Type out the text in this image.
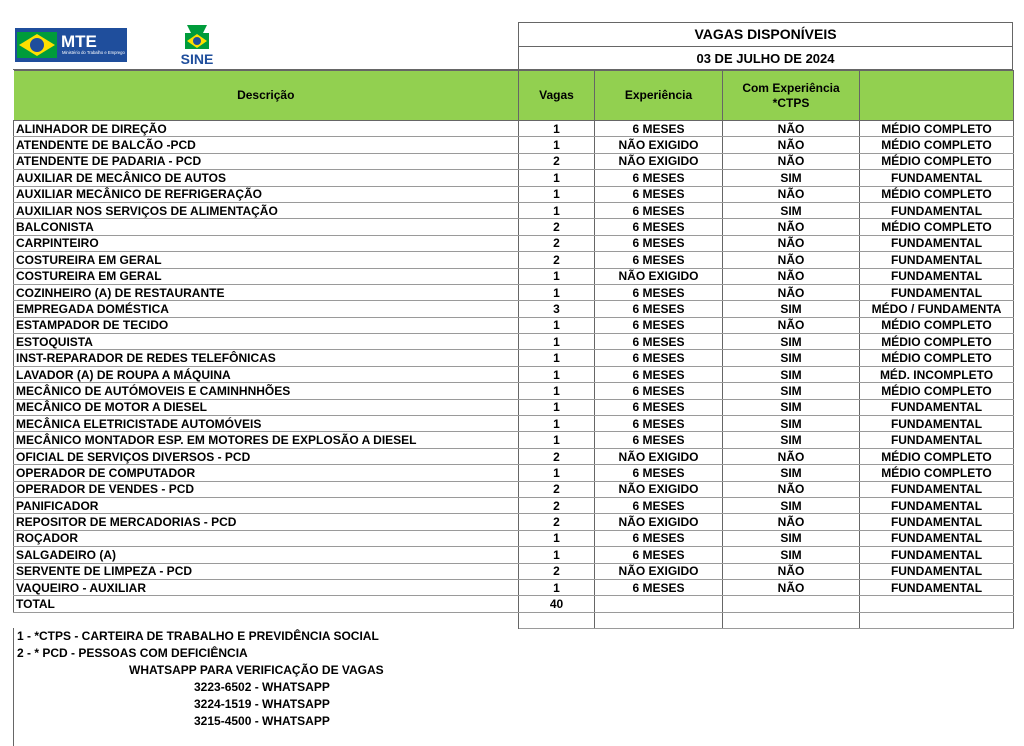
MTE
Ministério do Trabalho e Emprego	SINE
VAGAS DISPONÍVEIS
03 DE JULHO DE 2024
Descrição	Vagas	Experiência	Com Experiência
*CTPS	
ALINHADOR DE DIREÇÃO	1	6 MESES	NÃO	MÉDIO COMPLETO
ATENDENTE DE BALCÃO -PCD	1	NÃO EXIGIDO	NÃO	MÉDIO COMPLETO
ATENDENTE DE PADARIA - PCD	2	NÃO EXIGIDO	NÃO	MÉDIO COMPLETO
AUXILIAR DE MECÂNICO DE AUTOS	1	6 MESES	SIM	FUNDAMENTAL
AUXILIAR MECÂNICO DE REFRIGERAÇÃO	1	6 MESES	NÃO	MÉDIO COMPLETO
AUXILIAR NOS SERVIÇOS DE ALIMENTAÇÃO	1	6 MESES	SIM	FUNDAMENTAL
BALCONISTA	2	6 MESES	NÃO	MÉDIO COMPLETO
CARPINTEIRO	2	6 MESES	NÃO	FUNDAMENTAL
COSTUREIRA EM GERAL	2	6 MESES	NÃO	FUNDAMENTAL
COSTUREIRA EM GERAL	1	NÃO EXIGIDO	NÃO	FUNDAMENTAL
COZINHEIRO (A) DE RESTAURANTE	1	6 MESES	NÃO	FUNDAMENTAL
EMPREGADA DOMÉSTICA	3	6 MESES	SIM	MÉDO / FUNDAMENTA
ESTAMPADOR DE TECIDO	1	6 MESES	NÃO	MÉDIO COMPLETO
ESTOQUISTA	1	6 MESES	SIM	MÉDIO COMPLETO
INST-REPARADOR DE REDES TELEFÔNICAS	1	6 MESES	SIM	MÉDIO COMPLETO
LAVADOR (A) DE ROUPA A MÁQUINA	1	6 MESES	SIM	MÉD. INCOMPLETO
MECÂNICO DE AUTÓMOVEIS E CAMINHNHÕES	1	6 MESES	SIM	MÉDIO COMPLETO
MECÂNICO DE MOTOR A DIESEL	1	6 MESES	SIM	FUNDAMENTAL
MECÂNICA ELETRICISTADE AUTOMÓVEIS	1	6 MESES	SIM	FUNDAMENTAL
MECÂNICO MONTADOR ESP. EM MOTORES DE EXPLOSÃO A DIESEL	1	6 MESES	SIM	FUNDAMENTAL
OFICIAL DE SERVIÇOS DIVERSOS - PCD	2	NÃO EXIGIDO	NÃO	MÉDIO COMPLETO
OPERADOR DE COMPUTADOR	1	6 MESES	SIM	MÉDIO COMPLETO
OPERADOR DE VENDES - PCD	2	NÃO EXIGIDO	NÃO	FUNDAMENTAL
PANIFICADOR	2	6 MESES	SIM	FUNDAMENTAL
REPOSITOR DE MERCADORIAS - PCD	2	NÃO EXIGIDO	NÃO	FUNDAMENTAL
ROÇADOR	1	6 MESES	SIM	FUNDAMENTAL
SALGADEIRO (A)	1	6 MESES	SIM	FUNDAMENTAL
SERVENTE DE LIMPEZA - PCD	2	NÃO EXIGIDO	NÃO	FUNDAMENTAL
VAQUEIRO - AUXILIAR	1	6 MESES	NÃO	FUNDAMENTAL
TOTAL	40			

1 - *CTPS - CARTEIRA DE TRABALHO E PREVIDÊNCIA SOCIAL
2 - * PCD - PESSOAS COM DEFICIÊNCIA
WHATSAPP PARA VERIFICAÇÃO DE VAGAS
3223-6502 - WHATSAPP
3224-1519 - WHATSAPP
3215-4500 - WHATSAPP
